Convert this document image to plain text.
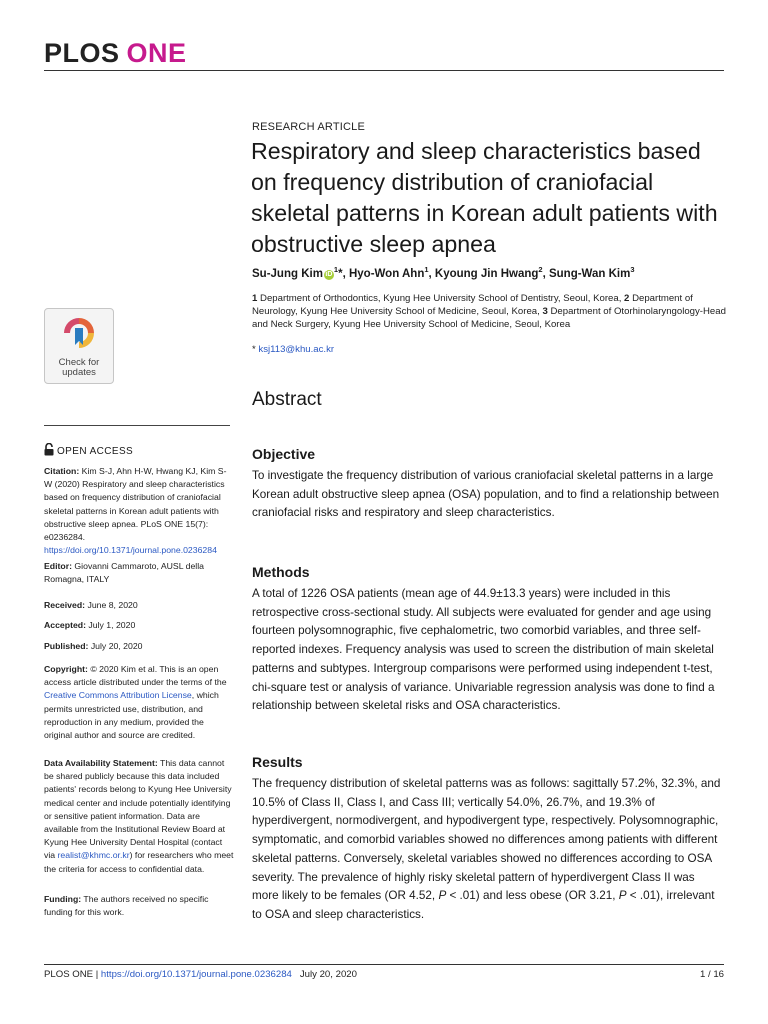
PLOS ONE
RESEARCH ARTICLE
Respiratory and sleep characteristics based on frequency distribution of craniofacial skeletal patterns in Korean adult patients with obstructive sleep apnea
Su-Jung Kim $iD^1*$, Hyo-Won Ahn$^1$, Kyoung Jin Hwang$^2$, Sung-Wan Kim$^3$
1 Department of Orthodontics, Kyung Hee University School of Dentistry, Seoul, Korea, 2 Department of Neurology, Kyung Hee University School of Medicine, Seoul, Korea, 3 Department of Otorhinolaryngology-Head and Neck Surgery, Kyung Hee University School of Medicine, Seoul, Korea
* ksj113@khu.ac.kr
Abstract
Objective

To investigate the frequency distribution of various craniofacial skeletal patterns in a large Korean adult obstructive sleep apnea (OSA) population, and to find a relationship between craniofacial risks and respiratory and sleep characteristics.

Methods

A total of 1226 OSA patients (mean age of 44.9±13.3 years) were included in this retrospective cross-sectional study. All subjects were evaluated for gender and age using fourteen polysomnographic, five cephalometric, two comorbid variables, and three self-reported indexes. Frequency analysis was used to screen the distribution of main skeletal patterns and subtypes. Intergroup comparisons were performed using independent t-test, chi-square test or analysis of variance. Univariable regression analysis was done to find a relationship between skeletal risks and OSA characteristics.

Results

The frequency distribution of skeletal patterns was as follows: sagittally 57.2%, 32.3%, and 10.5% of Class II, Class I, and Cass III; vertically 54.0%, 26.7%, and 19.3% of hyperdivergent, normodivergent, and hypodivergent type, respectively. Polysomnographic, symptomatic, and comorbid variables showed no differences among patients with different skeletal patterns. Conversely, skeletal variables showed no differences according to OSA severity. The prevalence of highly risky skeletal pattern of hyperdivergent Class II was more likely to be females (OR 4.52, P < .01) and less obese (OR 3.21, P < .01), irrelevant to OSA and sleep characteristics.

Check for
updates
OPEN ACCESS
Citation: Kim S-J, Ahn H-W, Hwang KJ, Kim S-W (2020) Respiratory and sleep characteristics based on frequency distribution of craniofacial skeletal patterns in Korean adult patients with obstructive sleep apnea. PLoS ONE 15(7): e0236284. https://doi.org/10.1371/journal.pone.0236284
Editor: Giovanni Cammaroto, AUSL della Romagna, ITALY
Received: June 8, 2020
Accepted: July 1, 2020
Published: July 20, 2020
Copyright: © 2020 Kim et al. This is an open access article distributed under the terms of the Creative Commons Attribution License, which permits unrestricted use, distribution, and reproduction in any medium, provided the original author and source are credited.
Data Availability Statement: This data cannot be shared publicly because this data included patients' records belong to Kyung Hee University medical center and include potentially identifying or sensitive patient information. Data are available from the Institutional Review Board at Kyung Hee University Dental Hospital (contact via realist@khmc.or.kr) for researchers who meet the criteria for access to confidential data.
Funding: The authors received no specific funding for this work.
PLOS ONE | https://doi.org/10.1371/journal.pone.0236284 July 20, 2020	1 / 16
